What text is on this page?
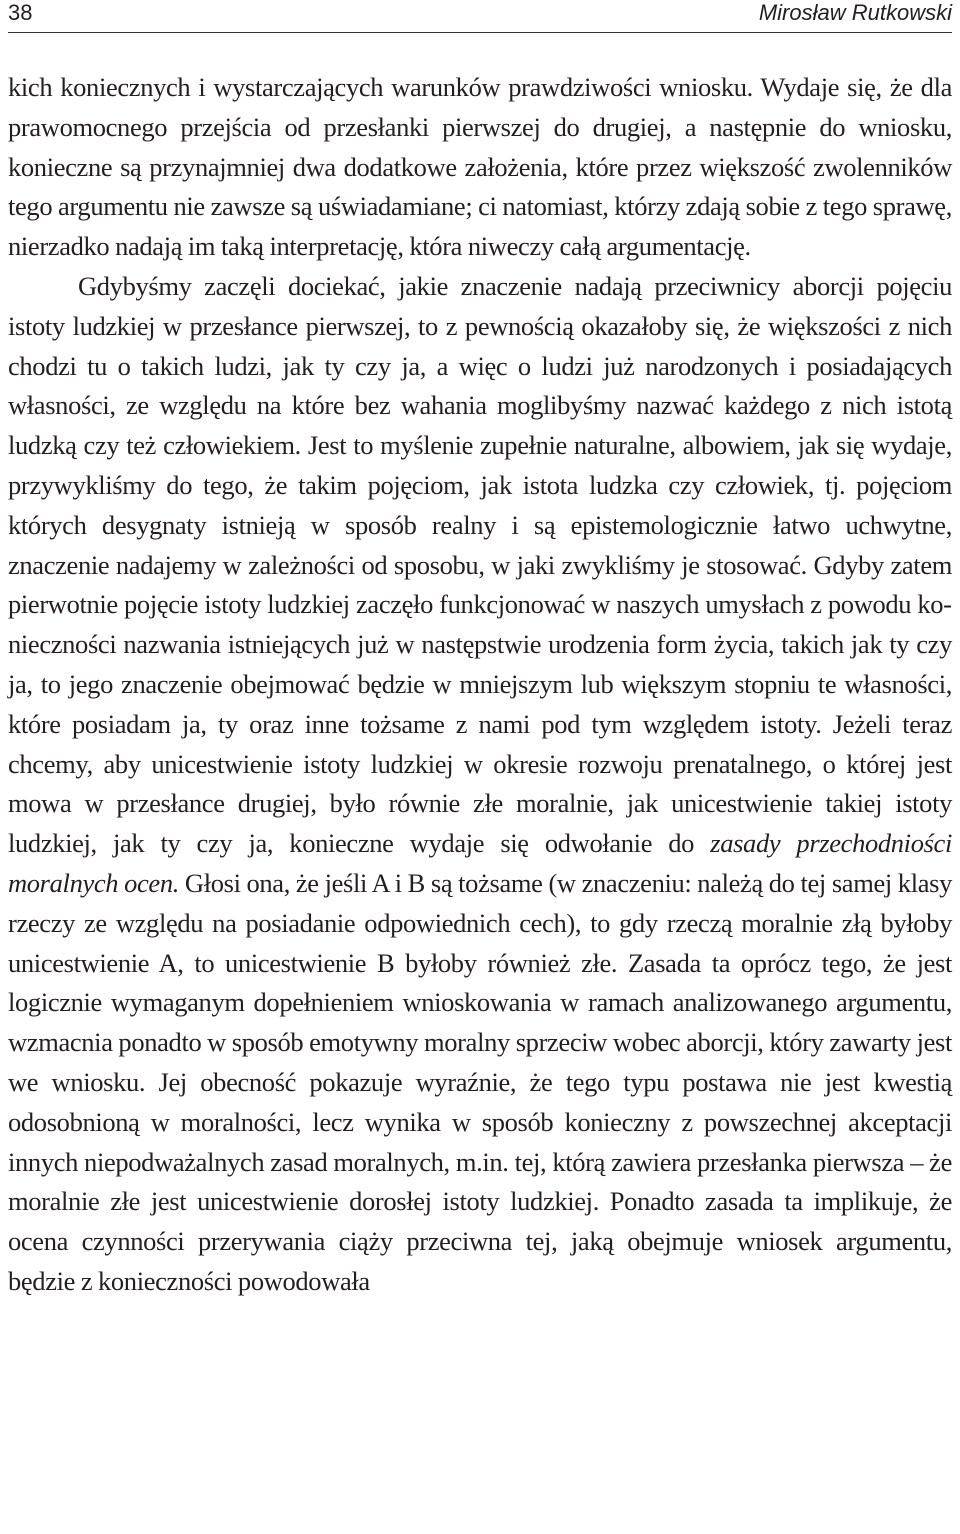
38	Mirosław Rutkowski

kich koniecznych i wystarczających warunków prawdziwości wniosku. Wydaje się, że dla prawomocnego przejścia od przesłanki pierwszej do drugiej, a następnie do wniosku, konieczne są przynajmniej dwa dodatkowe założenia, które przez większość zwolenników tego argumentu nie zawsze są uświadamiane; ci natomiast, którzy zdają sobie z tego sprawę, nierzadko nadają im taką interpretację, która niweczy całą argumentację.

Gdybyśmy zaczęli dociekać, jakie znaczenie nadają przeciwnicy aborcji pojęciu istoty ludzkiej w przesłance pierwszej, to z pewnością okazałoby się, że większości z nich chodzi tu o takich ludzi, jak ty czy ja, a więc o ludzi już narodzonych i posiadających własności, ze względu na które bez wahania moglibyśmy nazwać każdego z nich istotą ludzką czy też człowiekiem. Jest to myślenie zupełnie naturalne, albowiem, jak się wydaje, przywykliśmy do tego, że takim pojęciom, jak istota ludzka czy człowiek, tj. pojęciom których desygnaty istnieją w sposób realny i są epistemologicznie łatwo uchwytne, znaczenie nadajemy w zależności od sposobu, w jaki zwykliśmy je stosować. Gdyby zatem pierwotnie pojęcie istoty ludzkiej zaczęło funkcjonować w naszych umysłach z powodu konieczności nazwania istniejących już w następstwie urodzenia form życia, takich jak ty czy ja, to jego znaczenie obejmować będzie w mniejszym lub większym stopniu te własności, które posiadam ja, ty oraz inne tożsame z nami pod tym względem istoty. Jeżeli teraz chcemy, aby unicestwienie istoty ludzkiej w okresie rozwoju prenatalnego, o której jest mowa w przesłance drugiej, było równie złe moralnie, jak unicestwienie takiej istoty ludzkiej, jak ty czy ja, konieczne wydaje się odwołanie do zasady przechodniości moralnych ocen. Głosi ona, że jeśli A i B są tożsame (w znaczeniu: należą do tej samej klasy rzeczy ze względu na posiadanie odpowiednich cech), to gdy rzeczą moralnie złą byłoby unicestwienie A, to unicestwienie B byłoby również złe. Zasada ta oprócz tego, że jest logicznie wymaganym dopełnieniem wnioskowania w ramach analizowanego argumentu, wzmacnia ponadto w sposób emotywny moralny sprzeciw wobec aborcji, który zawarty jest we wniosku. Jej obecność pokazuje wyraźnie, że tego typu postawa nie jest kwestią odosobnioną w moralności, lecz wynika w sposób konieczny z powszechnej akceptacji innych niepodważalnych zasad moralnych, m.in. tej, którą zawiera przesłanka pierwsza – że moralnie złe jest unicestwienie dorosłej istoty ludzkiej. Ponadto zasada ta implikuje, że ocena czynności przerywania ciąży przeciwna tej, jaką obejmuje wniosek argumentu, będzie z konieczności powodowała
